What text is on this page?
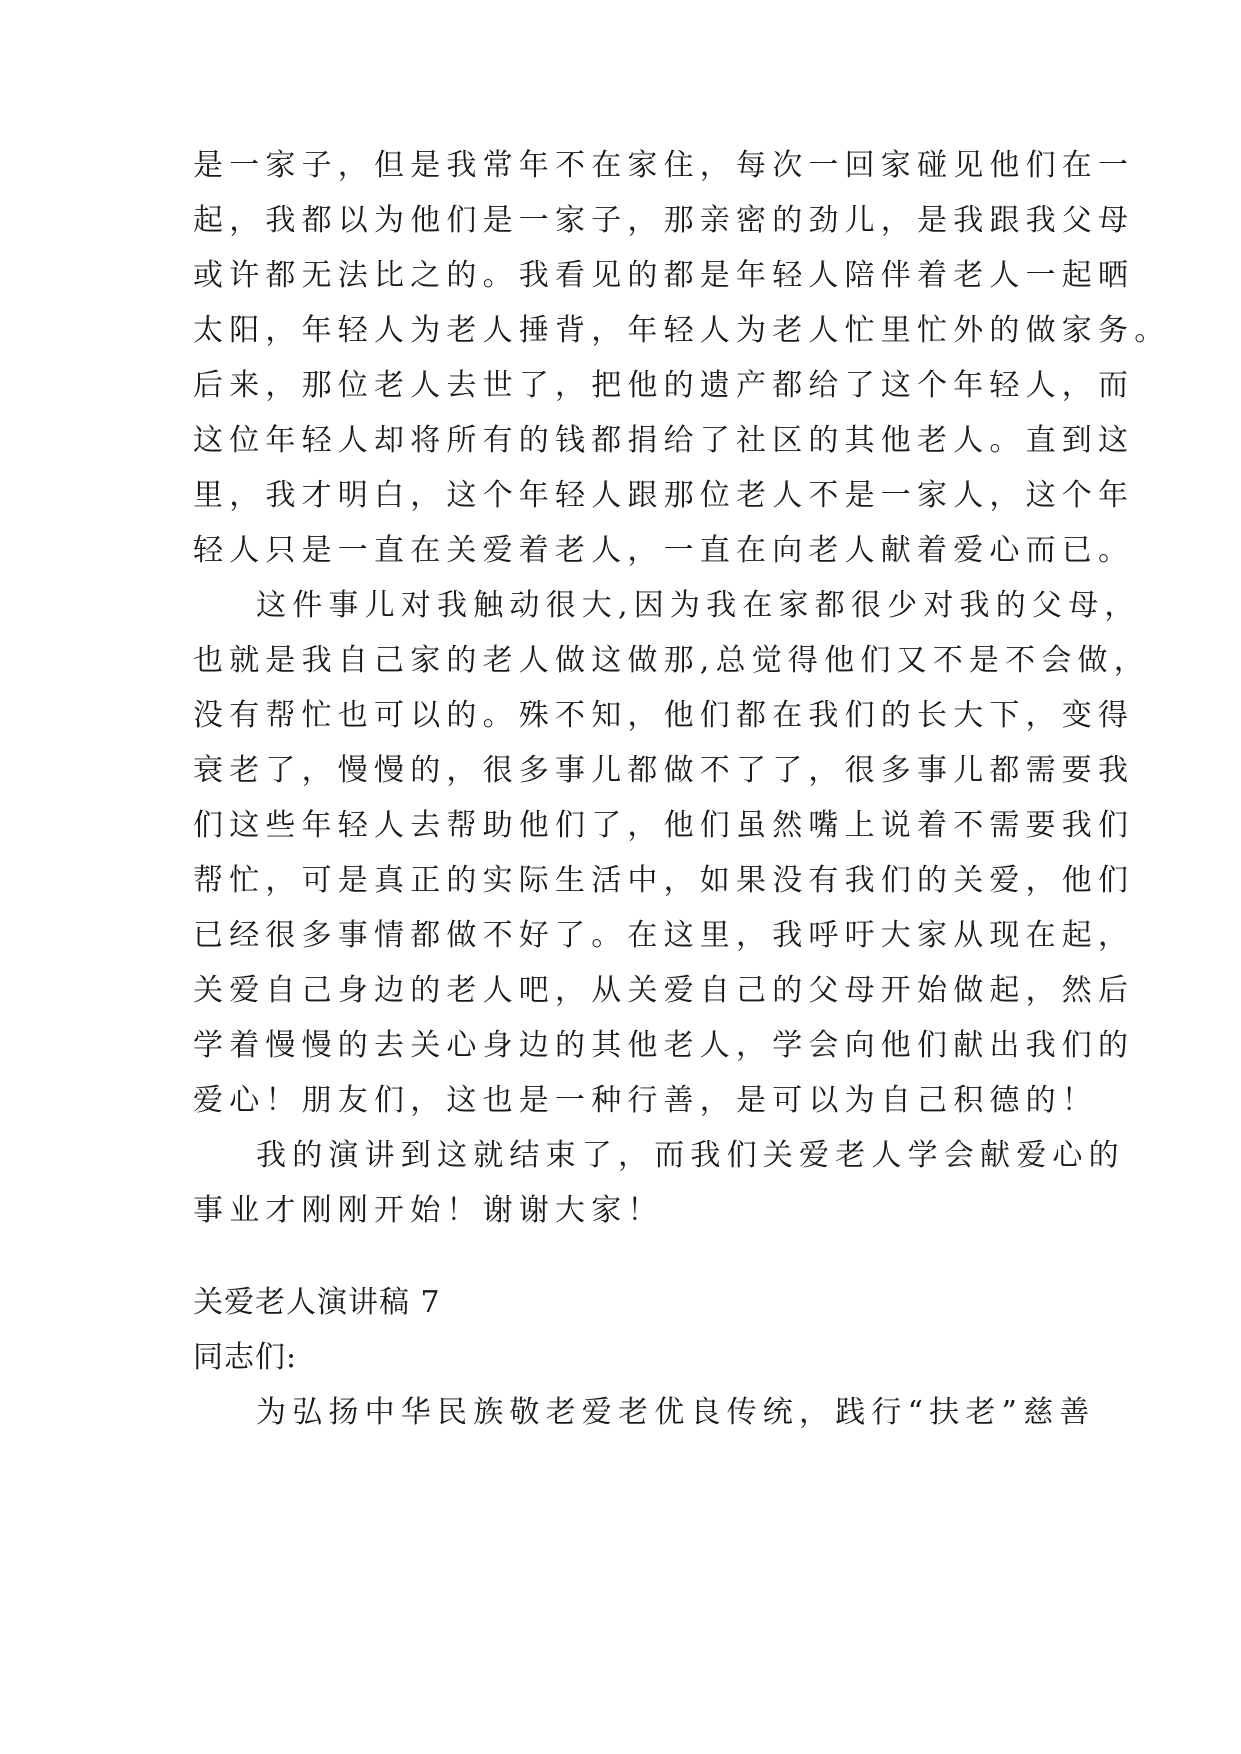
是一家子，但是我常年不在家住，每次一回家碰见他们在一
起，我都以为他们是一家子，那亲密的劲儿，是我跟我父母
或许都无法比之的。我看见的都是年轻人陪伴着老人一起晒
太阳，年轻人为老人捶背，年轻人为老人忙里忙外的做家务。
后来，那位老人去世了，把他的遗产都给了这个年轻人，而
这位年轻人却将所有的钱都捐给了社区的其他老人。直到这
里，我才明白，这个年轻人跟那位老人不是一家人，这个年
轻人只是一直在关爱着老人，一直在向老人献着爱心而已。
这件事儿对我触动很大,因为我在家都很少对我的父母，
也就是我自己家的老人做这做那,总觉得他们又不是不会做，
没有帮忙也可以的。殊不知，他们都在我们的长大下，变得
衰老了，慢慢的，很多事儿都做不了了，很多事儿都需要我
们这些年轻人去帮助他们了，他们虽然嘴上说着不需要我们
帮忙，可是真正的实际生活中，如果没有我们的关爱，他们
已经很多事情都做不好了。在这里，我呼吁大家从现在起，
关爱自己身边的老人吧，从关爱自己的父母开始做起，然后
学着慢慢的去关心身边的其他老人，学会向他们献出我们的
爱心！朋友们，这也是一种行善，是可以为自己积德的！
我的演讲到这就结束了，而我们关爱老人学会献爱心的
事业才刚刚开始！谢谢大家！
关爱老人演讲稿 7
同志们:
为弘扬中华民族敬老爱老优良传统，践行“扶老”慈善
